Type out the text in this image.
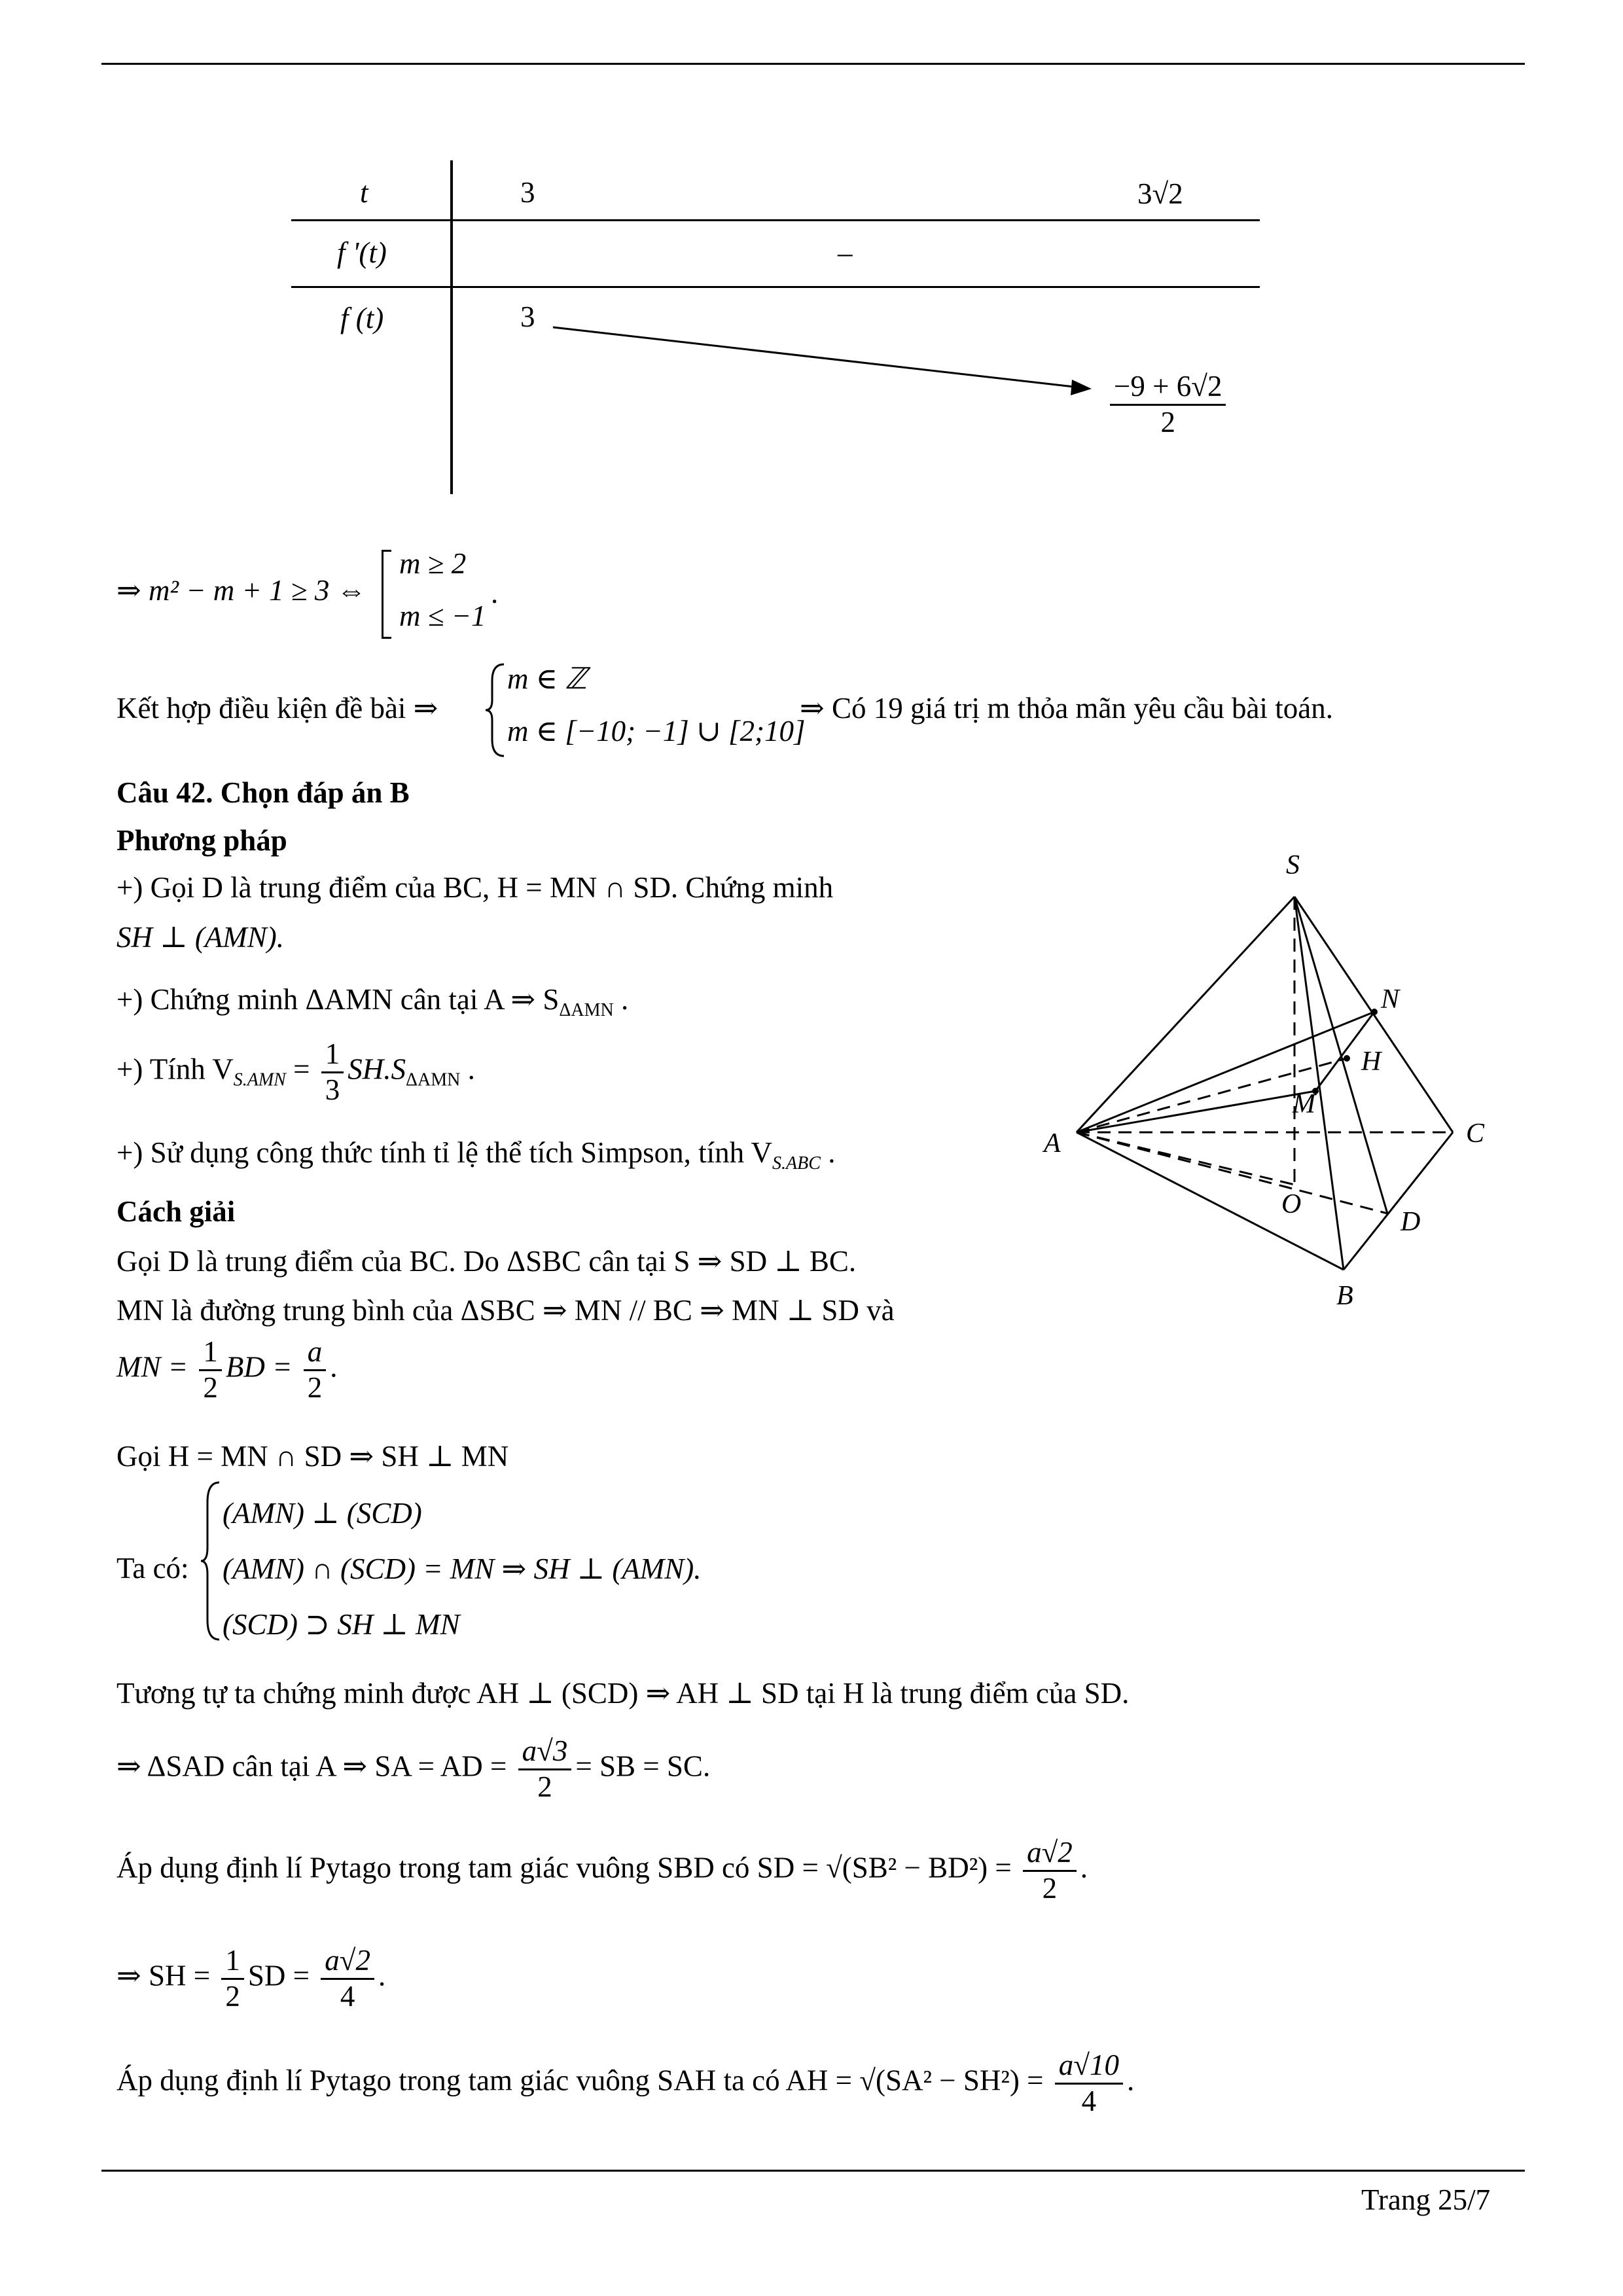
t
f '(t)
f (t)
3	3√2
–
3
$\frac{-9 + 6√2}{2}$
⇒ m² − m + 1 ≥ 3 ⇔
m ≥ 2
m ≤ −1
.
Kết hợp điều kiện đề bài ⇒
m ∈ ℤ
m ∈ [−10; −1] ∪ [2;10]
⇒ Có 19 giá trị m thỏa mãn yêu cầu bài toán.
Câu 42. Chọn đáp án B
Phương pháp
+) Gọi D là trung điểm của BC, H = MN ∩ SD. Chứng minh
SH ⊥ (AMN).
+) Chứng minh ΔAMN cân tại A ⇒ $S_{\Delta AMN}$ .
+) Tính $V_{S.AMN} = \frac{1}{3} SH.S_{\Delta AMN}$ .
+) Sử dụng công thức tính tỉ lệ thể tích Simpson, tính $V_{S.ABC}$ .
Cách giải
Gọi D là trung điểm của BC. Do ΔSBC cân tại S ⇒ SD ⊥ BC.
MN là đường trung bình của ΔSBC ⇒ MN // BC ⇒ MN ⊥ SD và
MN = $\frac{1}{2}$ BD = $\frac{a}{2}$ .
Gọi H = MN ∩ SD ⇒ SH ⊥ MN
Ta có:
(AMN) ⊥ (SCD)
(AMN) ∩ (SCD) = MN ⇒ SH ⊥ (AMN).
(SCD) ⊃ SH ⊥ MN
Tương tự ta chứng minh được AH ⊥ (SCD) ⇒ AH ⊥ SD tại H là trung điểm của SD.
⇒ ΔSAD cân tại A ⇒ SA = AD = $\frac{a√3}{2}$ = SB = SC.
Áp dụng định lí Pytago trong tam giác vuông SBD có SD = $√(SB^2 - BD^2) = \frac{a√2}{2}$ .
⇒ SH = $\frac{1}{2}$ SD = $\frac{a√2}{4}$ .
Áp dụng định lí Pytago trong tam giác vuông SAH ta có AH = $√(SA^2 - SH^2) = \frac{a√10}{4}$ .
S
N
H
M
A	C
O
D
B
Trang 25/7
